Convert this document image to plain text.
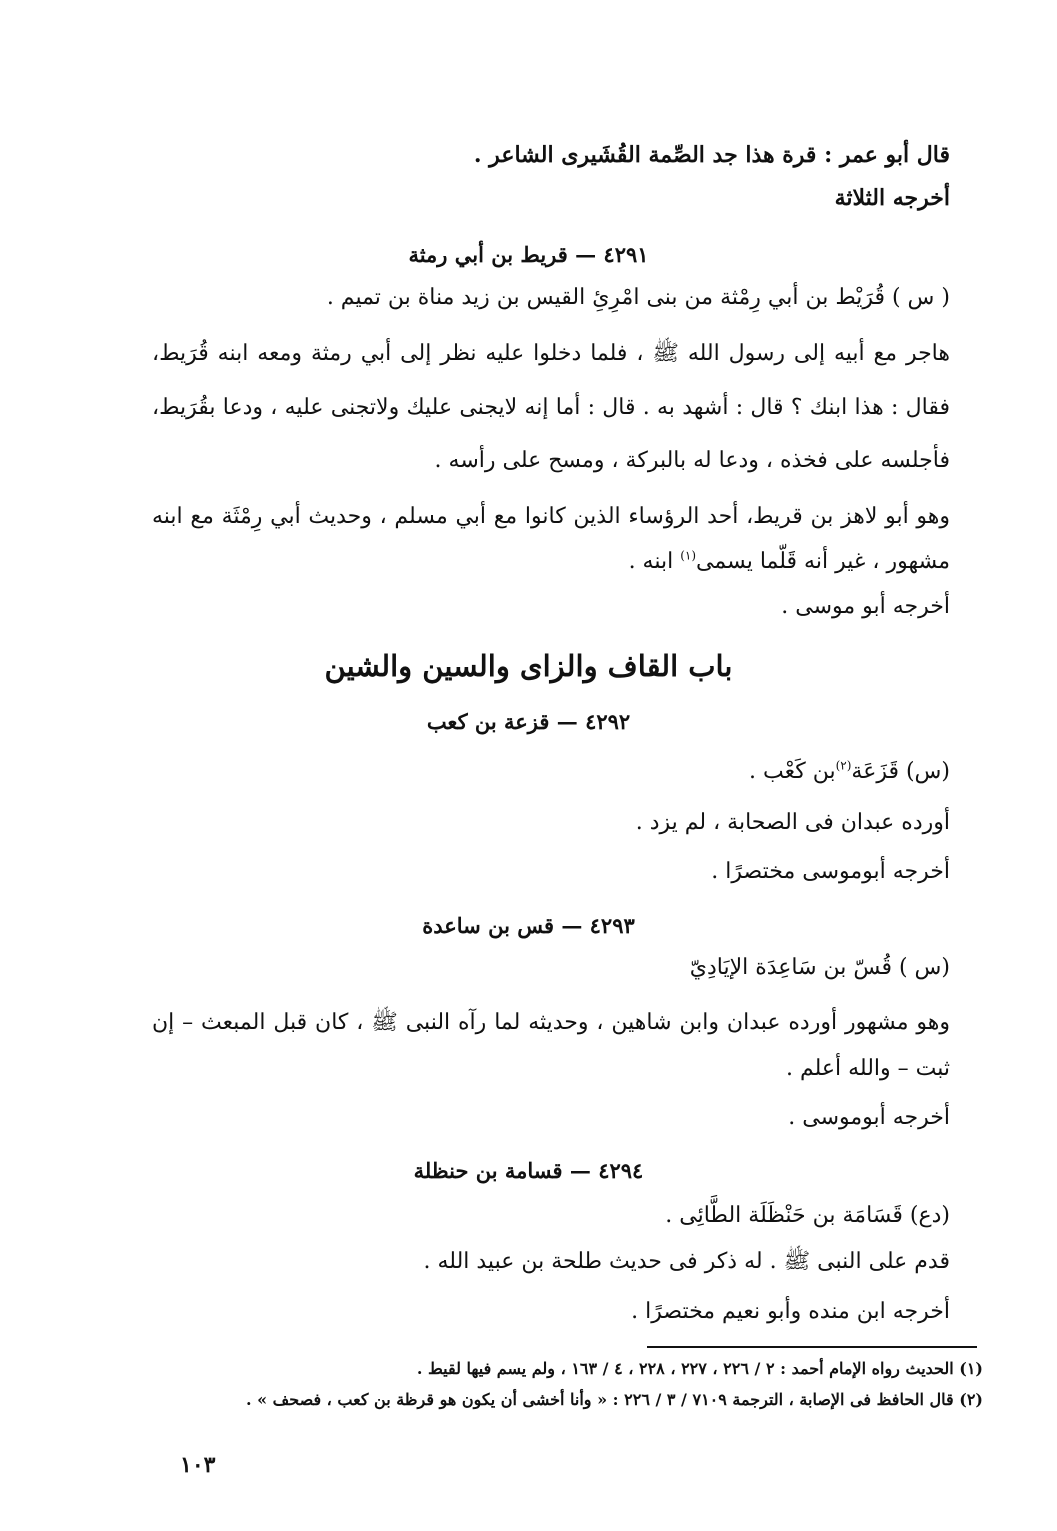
قال أبو عمر : قرة هذا جد الصِّمة القُشَيرى الشاعر .
أخرجه الثلاثة
٤٢٩١ — قريط بن أبي رمثة
( س ) قُرَيْط بن أبي رِمْثة من بنى امْرِئِ القيس بن زيد مناة بن تميم .
هاجر مع أبيه إلى رسول الله ﷺ ، فلما دخلوا عليه نظر إلى أبي رمثة ومعه ابنه قُرَيط،
فقال : هذا ابنك ؟ قال : أشهد به . قال : أما إنه لايجنى عليك ولاتجنى عليه ، ودعا بقُرَيط،
فأجلسه على فخذه ، ودعا له بالبركة ، ومسح على رأسه .
وهو أبو لاهز بن قريط، أحد الرؤساء الذين كانوا مع أبي مسلم ، وحديث أبي رِمْثَة مع ابنه
مشهور ، غير أنه قَلّما يسمى$^{(١)}$ ابنه .
أخرجه أبو موسى .
باب القاف والزاى والسين والشين
٤٢٩٢ — قزعة بن كعب
(س) قَزَعَة$^{(٢)}$بن كَعْب .
أورده عبدان فى الصحابة ، لم يزد .
أخرجه أبوموسى مختصرًا .
٤٢٩٣ — قس بن ساعدة
(س ) قُسّ بن سَاعِدَة الإيَادِيّ
وهو مشهور أورده عبدان وابن شاهين ، وحديثه لما رآه النبى ﷺ ، كان قبل المبعث – إن
ثبت – والله أعلم .
أخرجه أبوموسى .
٤٢٩٤ — قسامة بن حنظلة
(دع) قَسَامَة بن حَنْظَلَة الطَّائِى .
قدم على النبى ﷺ . له ذكر فى حديث طلحة بن عبيد الله .
أخرجه ابن منده وأبو نعيم مختصرًا .
(١) الحديث رواه الإمام أحمد : ٢ / ٢٢٦ ، ٢٢٧ ، ٢٢٨ ، ٤ / ١٦٣ ، ولم يسم فيها لقيط .
(٢) قال الحافظ فى الإصابة ، الترجمة ٧١٠٩ / ٣ / ٢٢٦ : « وأنا أخشى أن يكون هو قرظة بن كعب ، فصحف » .
١٠٣
